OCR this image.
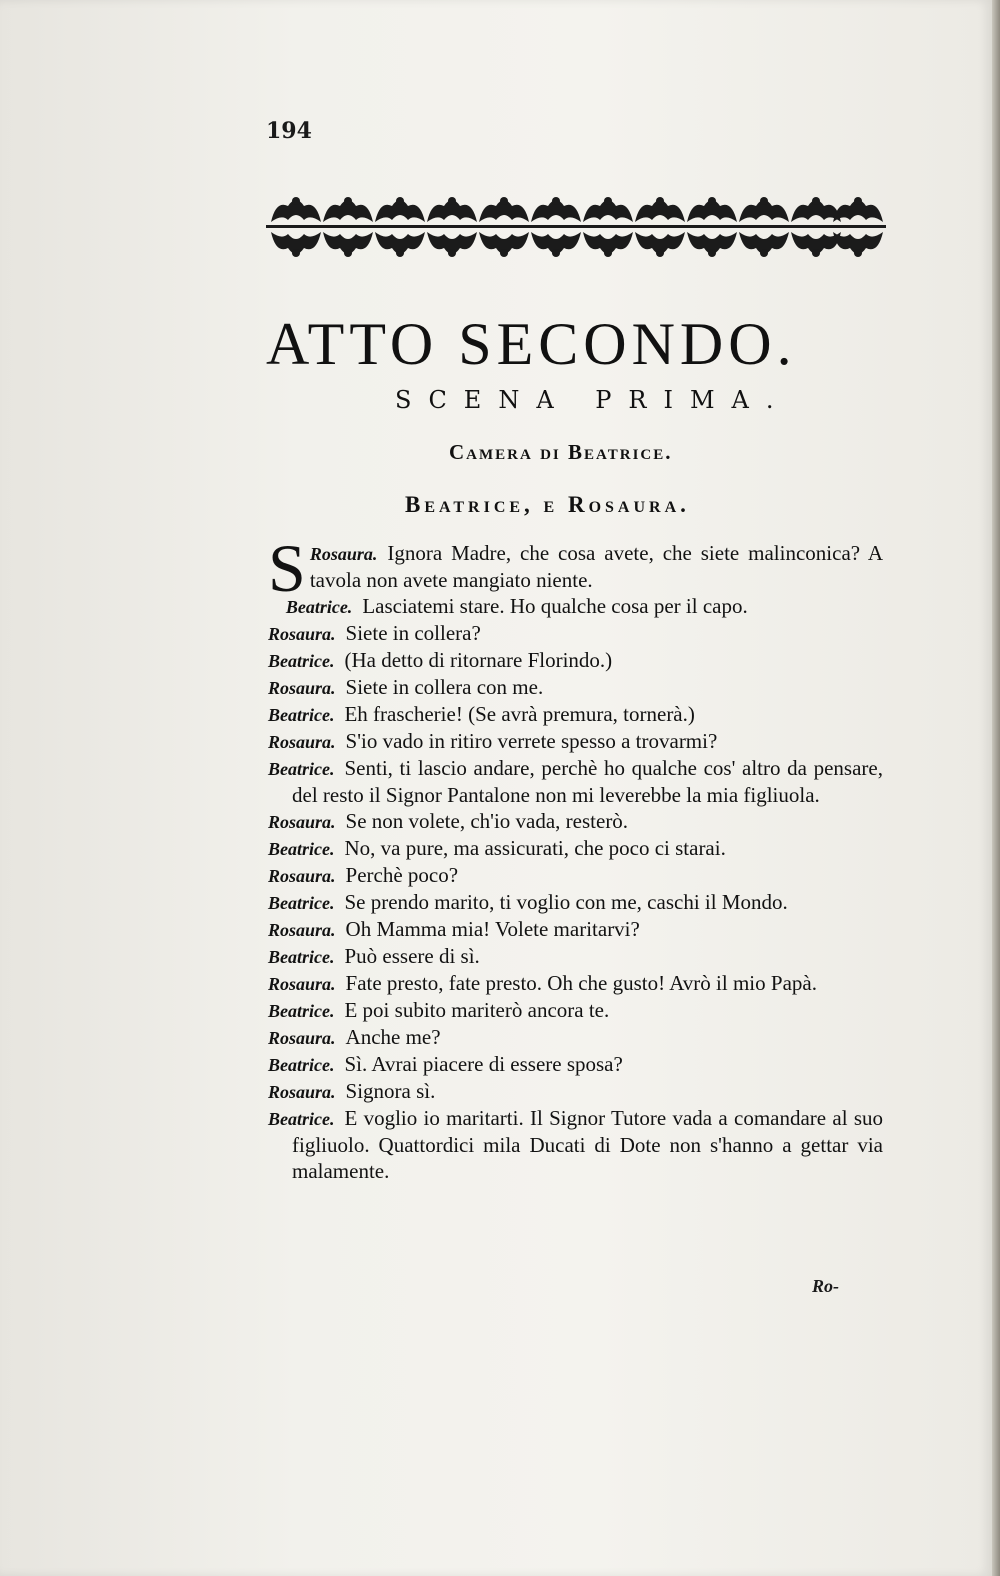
194
ATTO SECONDO.
SCENA PRIMA.
Camera di Beatrice.
Beatrice, e Rosaura.

Rosaura.
S	Ignora Madre, che cosa avete, che siete malinconica? A tavola non avete mangiato niente.

Beatrice. Lasciatemi stare. Ho qualche cosa per il capo.

Rosaura. Siete in collera?

Beatrice. (Ha detto di ritornare Florindo.)

Rosaura. Siete in collera con me.

Beatrice. Eh frascherie! (Se avrà premura, tornerà.)

Rosaura. S'io vado in ritiro verrete spesso a trovarmi?

Beatrice. Senti, ti lascio andare, perchè ho qualche cos' altro da pensare, del resto il Signor Pantalone non mi leverebbe la mia figliuola.

Rosaura. Se non volete, ch'io vada, resterò.

Beatrice. No, va pure, ma assicurati, che poco ci starai.

Rosaura. Perchè poco?

Beatrice. Se prendo marito, ti voglio con me, caschi il Mondo.

Rosaura. Oh Mamma mia! Volete maritarvi?

Beatrice. Può essere di sì.

Rosaura. Fate presto, fate presto. Oh che gusto! Avrò il mio Papà.

Beatrice. E poi subito mariterò ancora te.

Rosaura. Anche me?

Beatrice. Sì. Avrai piacere di essere sposa?

Rosaura. Signora sì.

Beatrice. E voglio io maritarti. Il Signor Tutore vada a comandare al suo figliuolo. Quattordici mila Ducati di Dote non s'hanno a gettar via malamente.

Ro-
